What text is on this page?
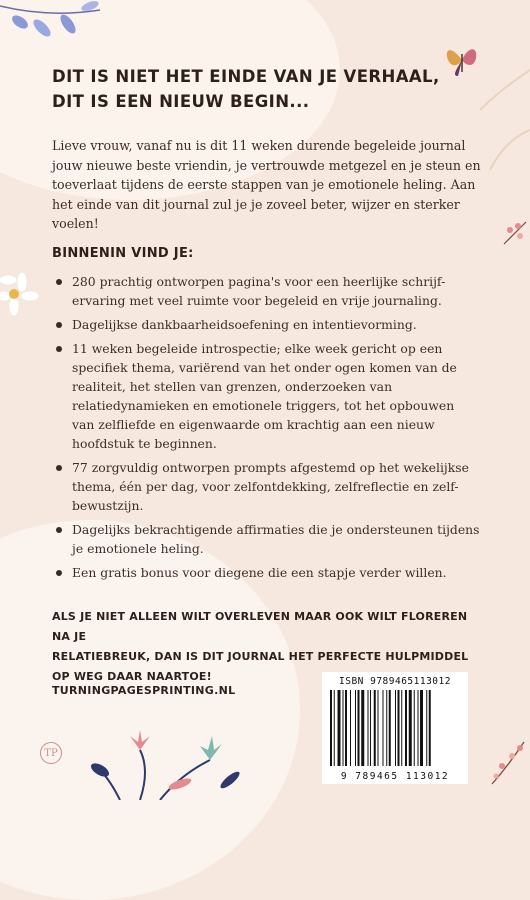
DIT IS NIET HET EINDE VAN JE VERHAAL,
DIT IS EEN NIEUW BEGIN...
Lieve vrouw, vanaf nu is dit 11 weken durende begeleide journal jouw nieuwe beste vriendin, je vertrouwde metgezel en je steun en toeverlaat tijdens de eerste stappen van je emotionele heling. Aan het einde van dit journal zul je je zoveel beter, wijzer en sterker voelen!
BINNENIN VIND JE:
280 prachtig ontworpen pagina's voor een heerlijke schrijf-ervaring met veel ruimte voor begeleid en vrije journaling.
Dagelijkse dankbaarheidsoefening en intentievorming.
11 weken begeleide introspectie; elke week gericht op een specifiek thema, variërend van het onder ogen komen van de realiteit, het stellen van grenzen, onderzoeken van relatiedynamieken en emotionele triggers, tot het opbouwen van zelfliefde en eigenwaarde om krachtig aan een nieuw hoofdstuk te beginnen.
77 zorgvuldig ontworpen prompts afgestemd op het wekelijkse thema, één per dag, voor zelfontdekking, zelfreflectie en zelf-bewustzijn.
Dagelijks bekrachtigende affirmaties die je ondersteunen tijdens je emotionele heling.
Een gratis bonus voor diegene die een stapje verder willen.
ALS JE NIET ALLEEN WILT OVERLEVEN MAAR OOK WILT FLOREREN NA JE
RELATIEBREUK, DAN IS DIT JOURNAL HET PERFECTE HULPMIDDEL
OP WEG DAAR NAARTOE!
TURNINGPAGESPRINTING.NL
TP
ISBN 9789465113012
9 789465 113012
